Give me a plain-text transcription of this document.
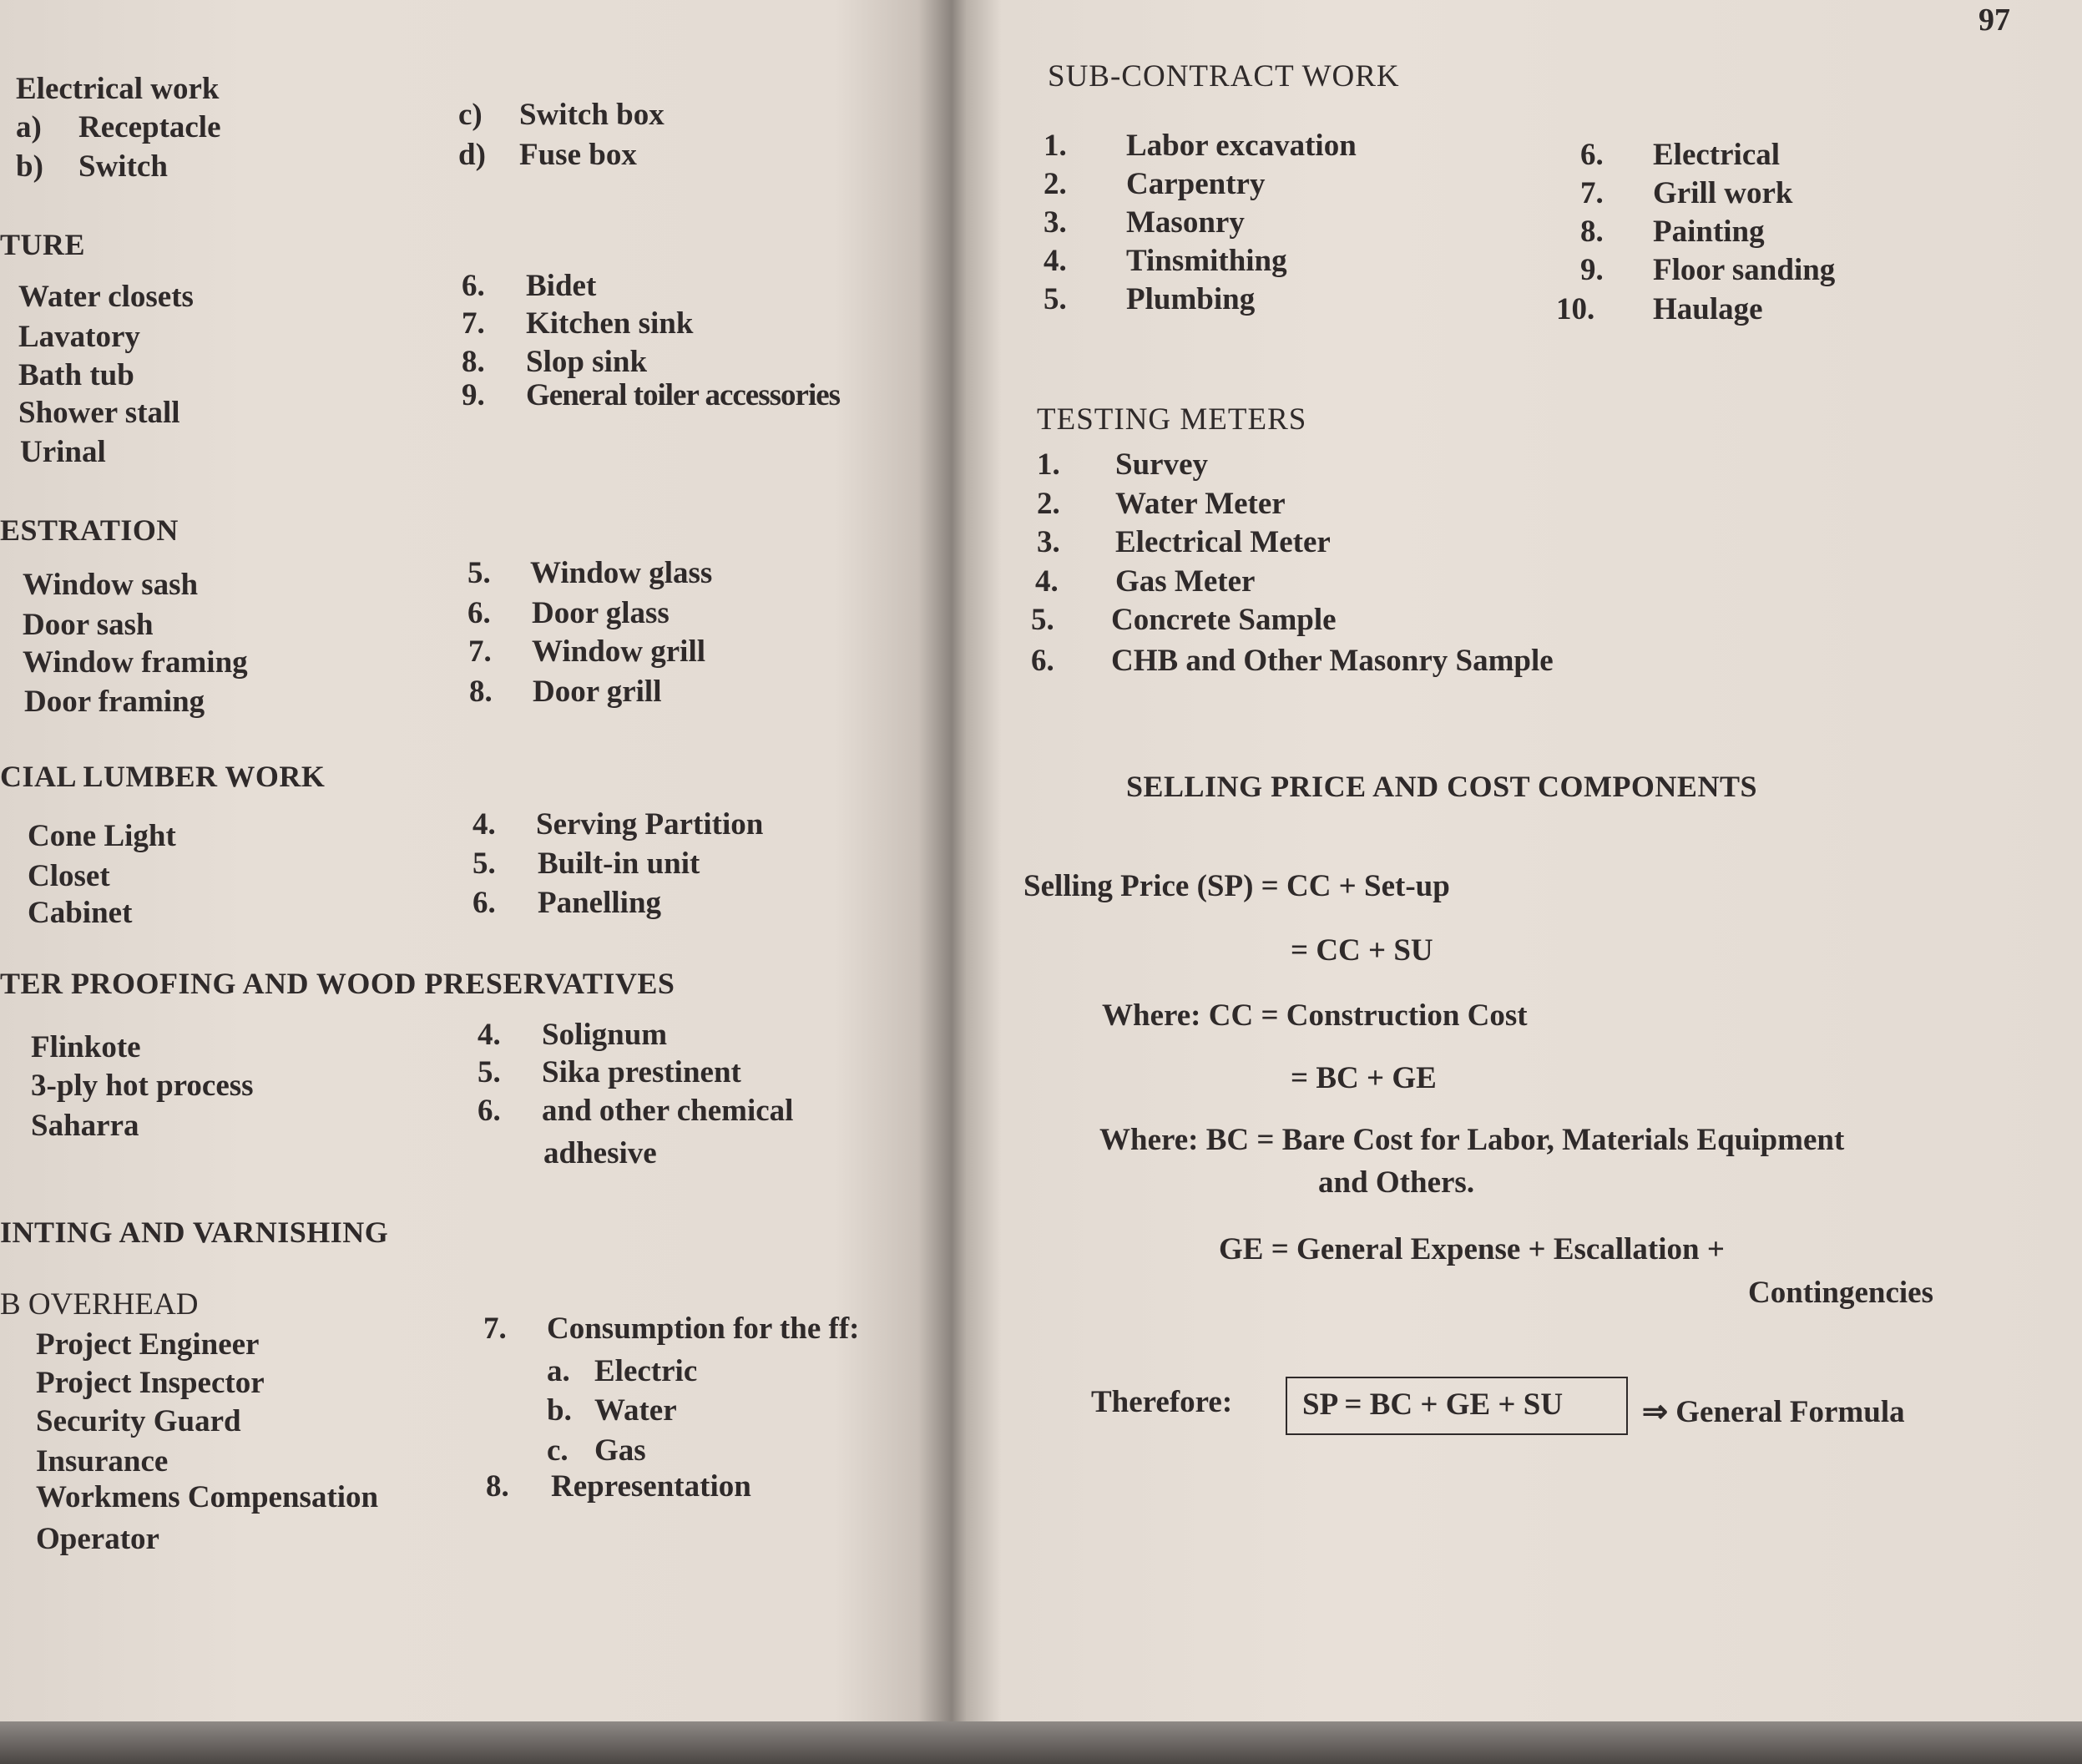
Electrical work
a) Receptacle
b) Switch
c) Switch box
d) Fuse box
TURE
Water closets
Lavatory
Bath tub
Shower stall
Urinal
6.
7.
8.
9.
Bidet
Kitchen sink
Slop sink
General toiler accessories
ESTRATION
Window sash
Door sash
Window framing
Door framing
5.
6.
7.
8.
Window glass
Door glass
Window grill
Door grill
CIAL LUMBER WORK
Cone Light
Closet
Cabinet
4.
5.
6.
Serving Partition
Built-in unit
Panelling
TER PROOFING AND WOOD PRESERVATIVES
Flinkote
3-ply hot process
Saharra
4.
5.
6.
Solignum
Sika prestinent
and other chemical
adhesive
INTING AND VARNISHING
B OVERHEAD
Project Engineer
Project Inspector
Security Guard
Insurance
Workmens Compensation
Operator
7. Consumption for the ff:
a.
b.
c.
Electric
Water
Gas
8. Representation
97
SUB-CONTRACT WORK
1.
2.
3.
4.
5.
Labor excavation
Carpentry
Masonry
Tinsmithing
Plumbing
6.
7.
8.
9.
10.
Electrical
Grill work
Painting
Floor sanding
Haulage
TESTING METERS
1.
2.
3.
4.
5.
6.
Survey
Water Meter
Electrical Meter
Gas Meter
Concrete Sample
CHB and Other Masonry Sample
SELLING PRICE AND COST COMPONENTS
Selling Price (SP) = CC + Set-up
= CC + SU
Where: CC = Construction Cost
= BC + GE
Where: BC = Bare Cost for Labor, Materials Equipment
and Others.
GE = General Expense + Escallation +
Contingencies
Therefore: SP = BC + GE + SU	⇒ General Formula
